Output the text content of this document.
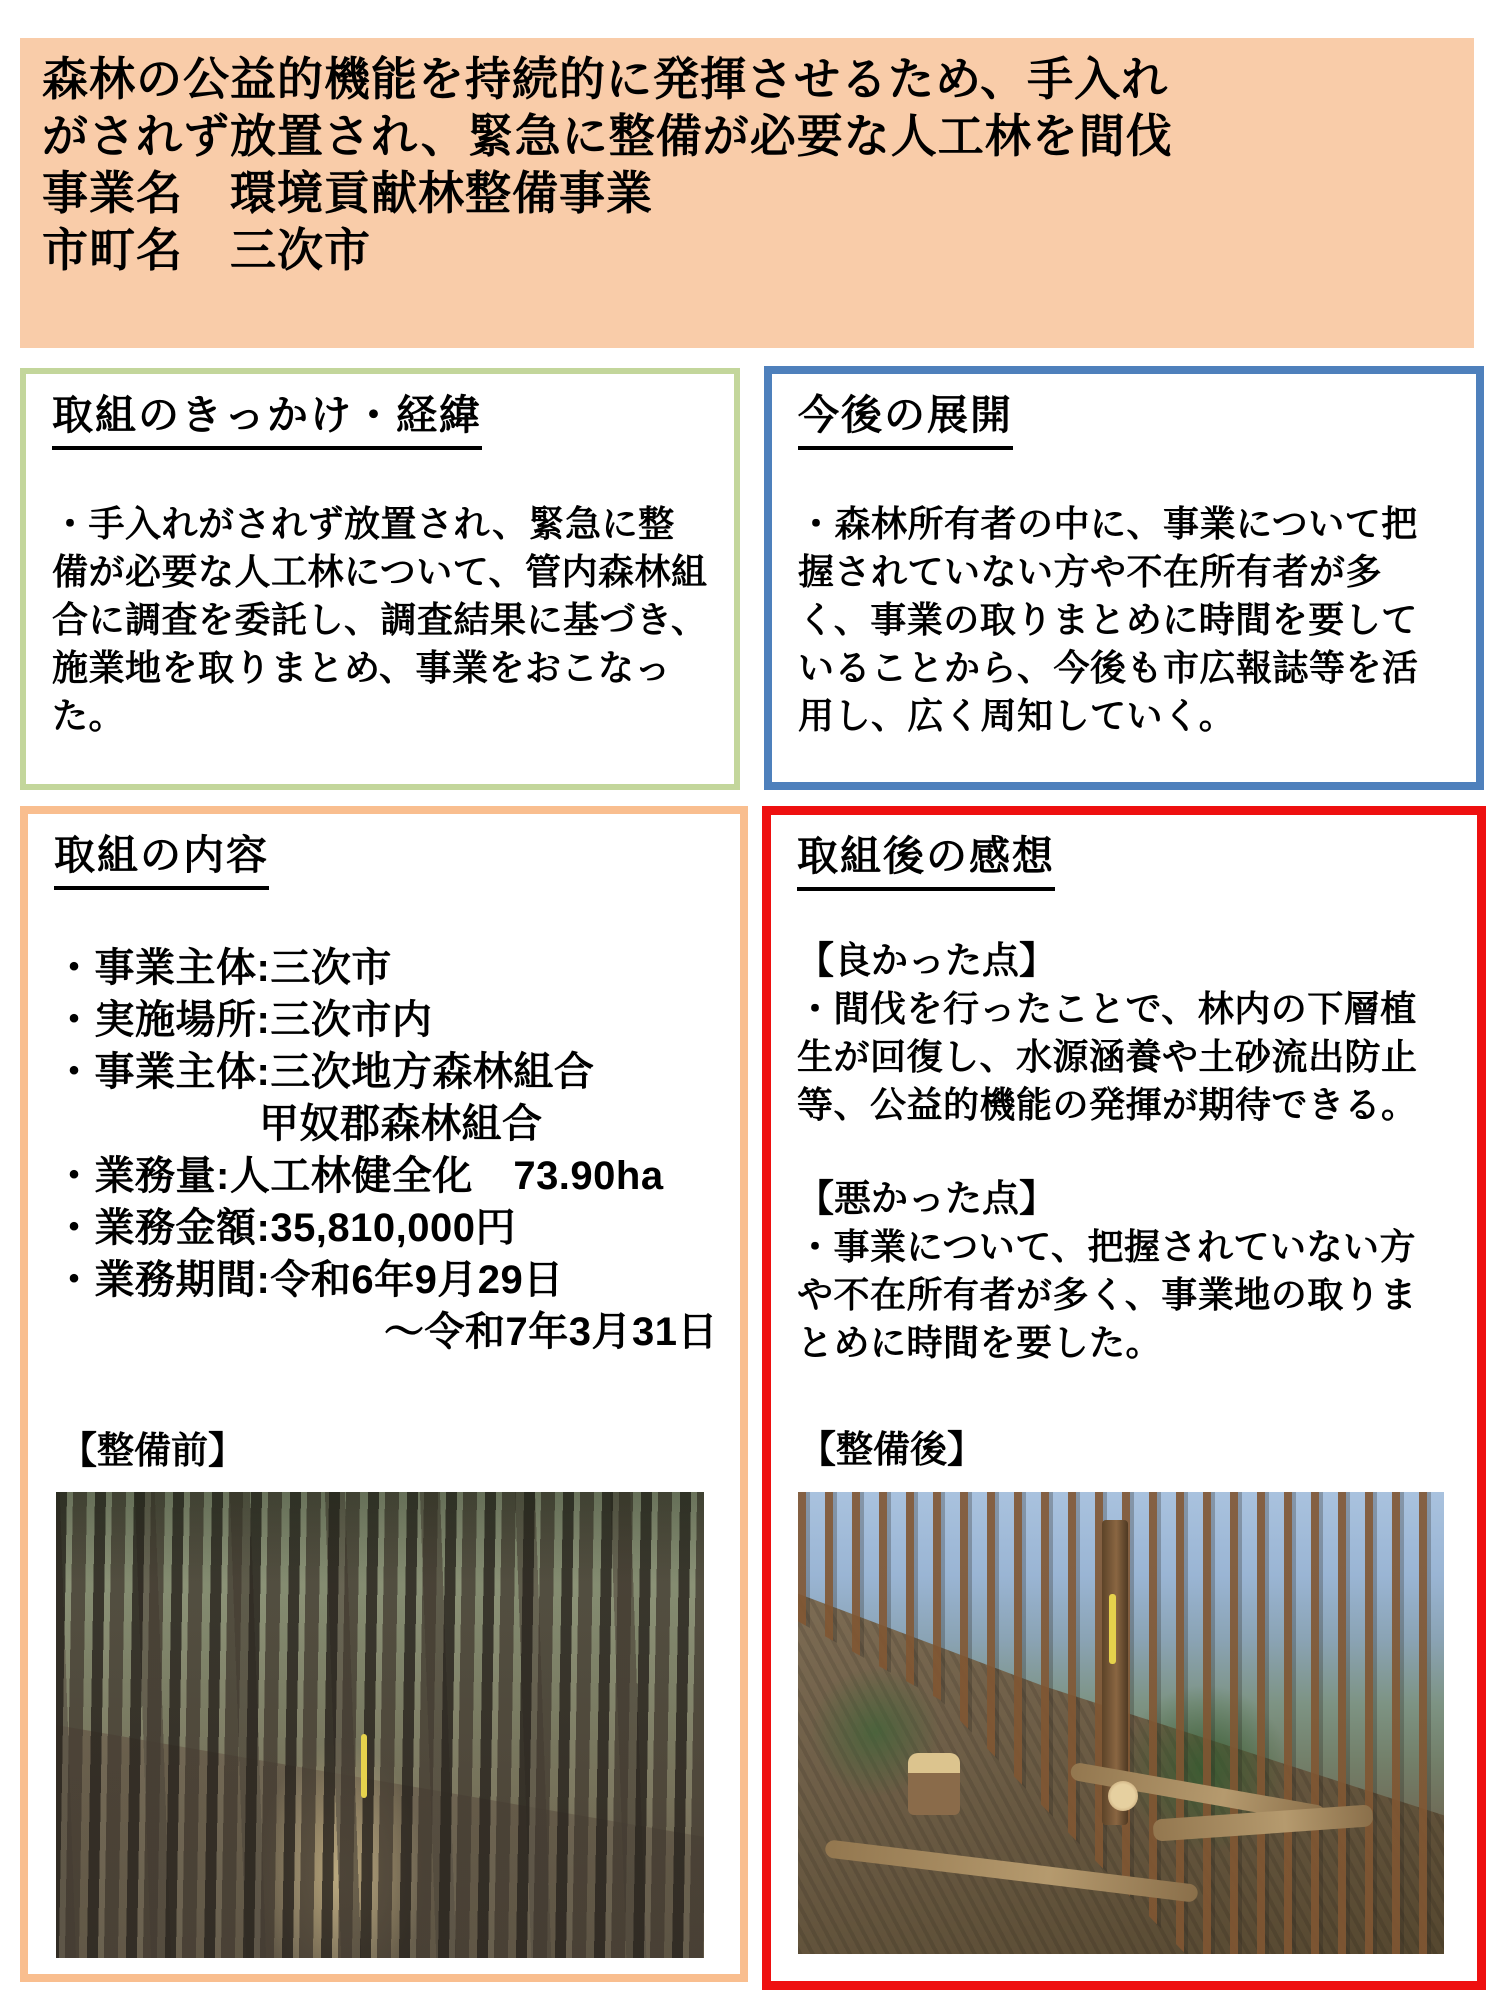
森林の公益的機能を持続的に発揮させるため、手入れ
がされず放置され、緊急に整備が必要な人工林を間伐
事業名　環境貢献林整備事業
市町名　三次市
取組のきっかけ・経緯
・手入れがされず放置され、緊急に整備が必要な人工林について、管内森林組合に調査を委託し、調査結果に基づき、施業地を取りまとめ、事業をおこなった。
今後の展開
・森林所有者の中に、事業について把握されていない方や不在所有者が多く、事業の取りまとめに時間を要していることから、今後も市広報誌等を活用し、広く周知していく。
取組の内容
・事業主体:三次市
・実施場所:三次市内
・事業主体:三次地方森林組合
甲奴郡森林組合
・業務量:人工林健全化　73.90ha
・業務金額:35,810,000円
・業務期間:令和6年9月29日
～令和7年3月31日
【整備前】
取組後の感想
【良かった点】
・間伐を行ったことで、林内の下層植生が回復し、水源涵養や土砂流出防止等、公益的機能の発揮が期待できる。
【悪かった点】
・事業について、把握されていない方や不在所有者が多く、事業地の取りまとめに時間を要した。
【整備後】
